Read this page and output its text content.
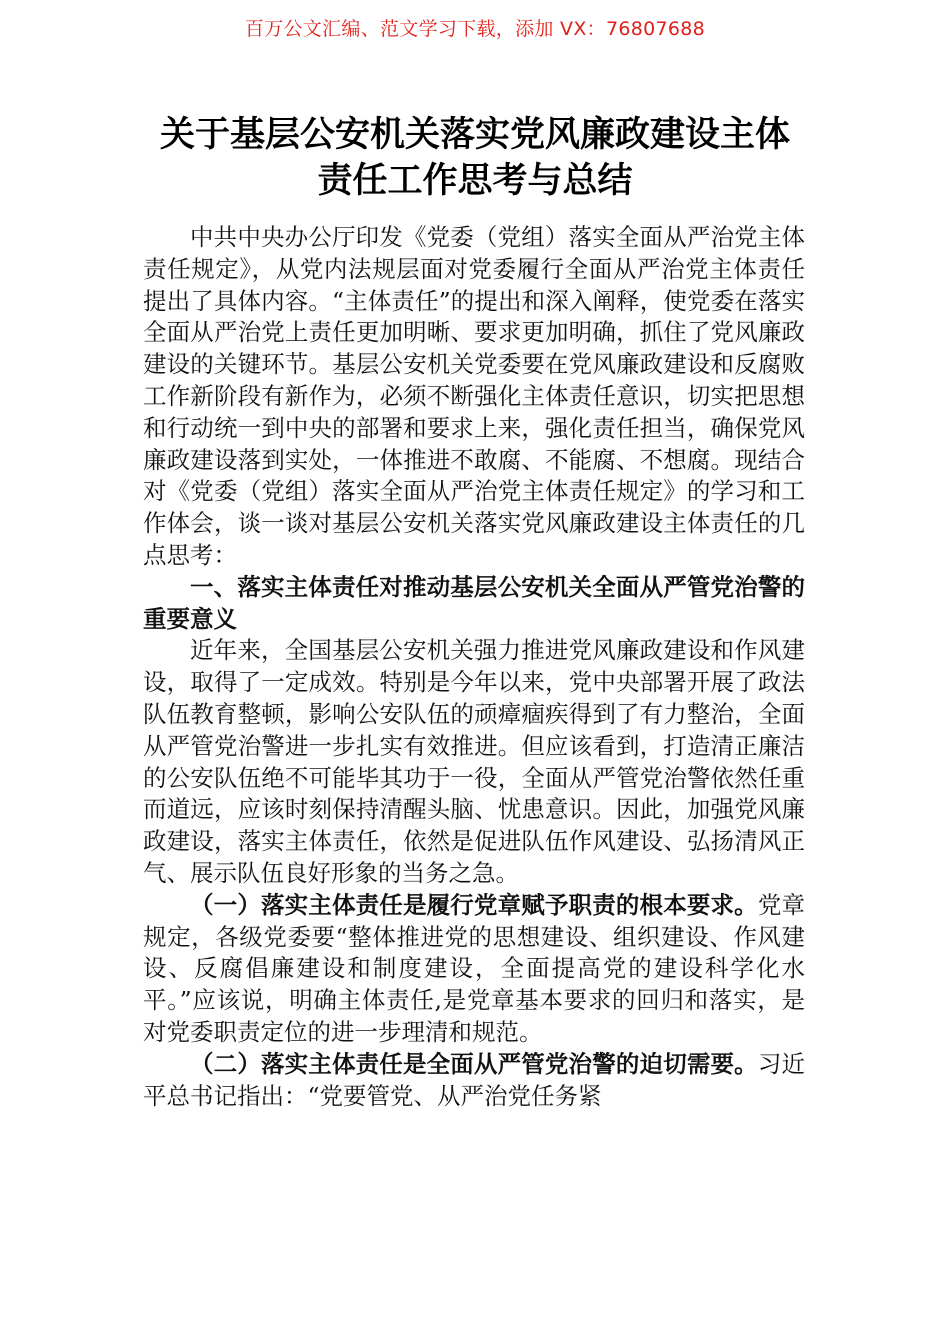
百万公文汇编、范文学习下载，添加 VX：76807688
关于基层公安机关落实党风廉政建设主体
责任工作思考与总结

中共中央办公厅印发《党委（党组）落实全面从严治党主体责任规定》，从党内法规层面对党委履行全面从严治党主体责任提出了具体内容。“主体责任”的提出和深入阐释，使党委在落实全面从严治党上责任更加明晰、要求更加明确，抓住了党风廉政建设的关键环节。基层公安机关党委要在党风廉政建设和反腐败工作新阶段有新作为，必须不断强化主体责任意识，切实把思想和行动统一到中央的部署和要求上来，强化责任担当，确保党风廉政建设落到实处，一体推进不敢腐、不能腐、不想腐。现结合对《党委（党组）落实全面从严治党主体责任规定》的学习和工作体会，谈一谈对基层公安机关落实党风廉政建设主体责任的几点思考：

一、落实主体责任对推动基层公安机关全面从严管党治警的重要意义

近年来，全国基层公安机关强力推进党风廉政建设和作风建设，取得了一定成效。特别是今年以来，党中央部署开展了政法队伍教育整顿，影响公安队伍的顽瘴痼疾得到了有力整治，全面从严管党治警进一步扎实有效推进。但应该看到，打造清正廉洁的公安队伍绝不可能毕其功于一役，全面从严管党治警依然任重而道远，应该时刻保持清醒头脑、忧患意识。因此，加强党风廉政建设，落实主体责任，依然是促进队伍作风建设、弘扬清风正气、展示队伍良好形象的当务之急。

（一）落实主体责任是履行党章赋予职责的根本要求。党章规定，各级党委要“整体推进党的思想建设、组织建设、作风建设、反腐倡廉建设和制度建设，全面提高党的建设科学化水平。”应该说，明确主体责任,是党章基本要求的回归和落实，是对党委职责定位的进一步理清和规范。

（二）落实主体责任是全面从严管党治警的迫切需要。习近平总书记指出：“党要管党、从严治党任务紧
